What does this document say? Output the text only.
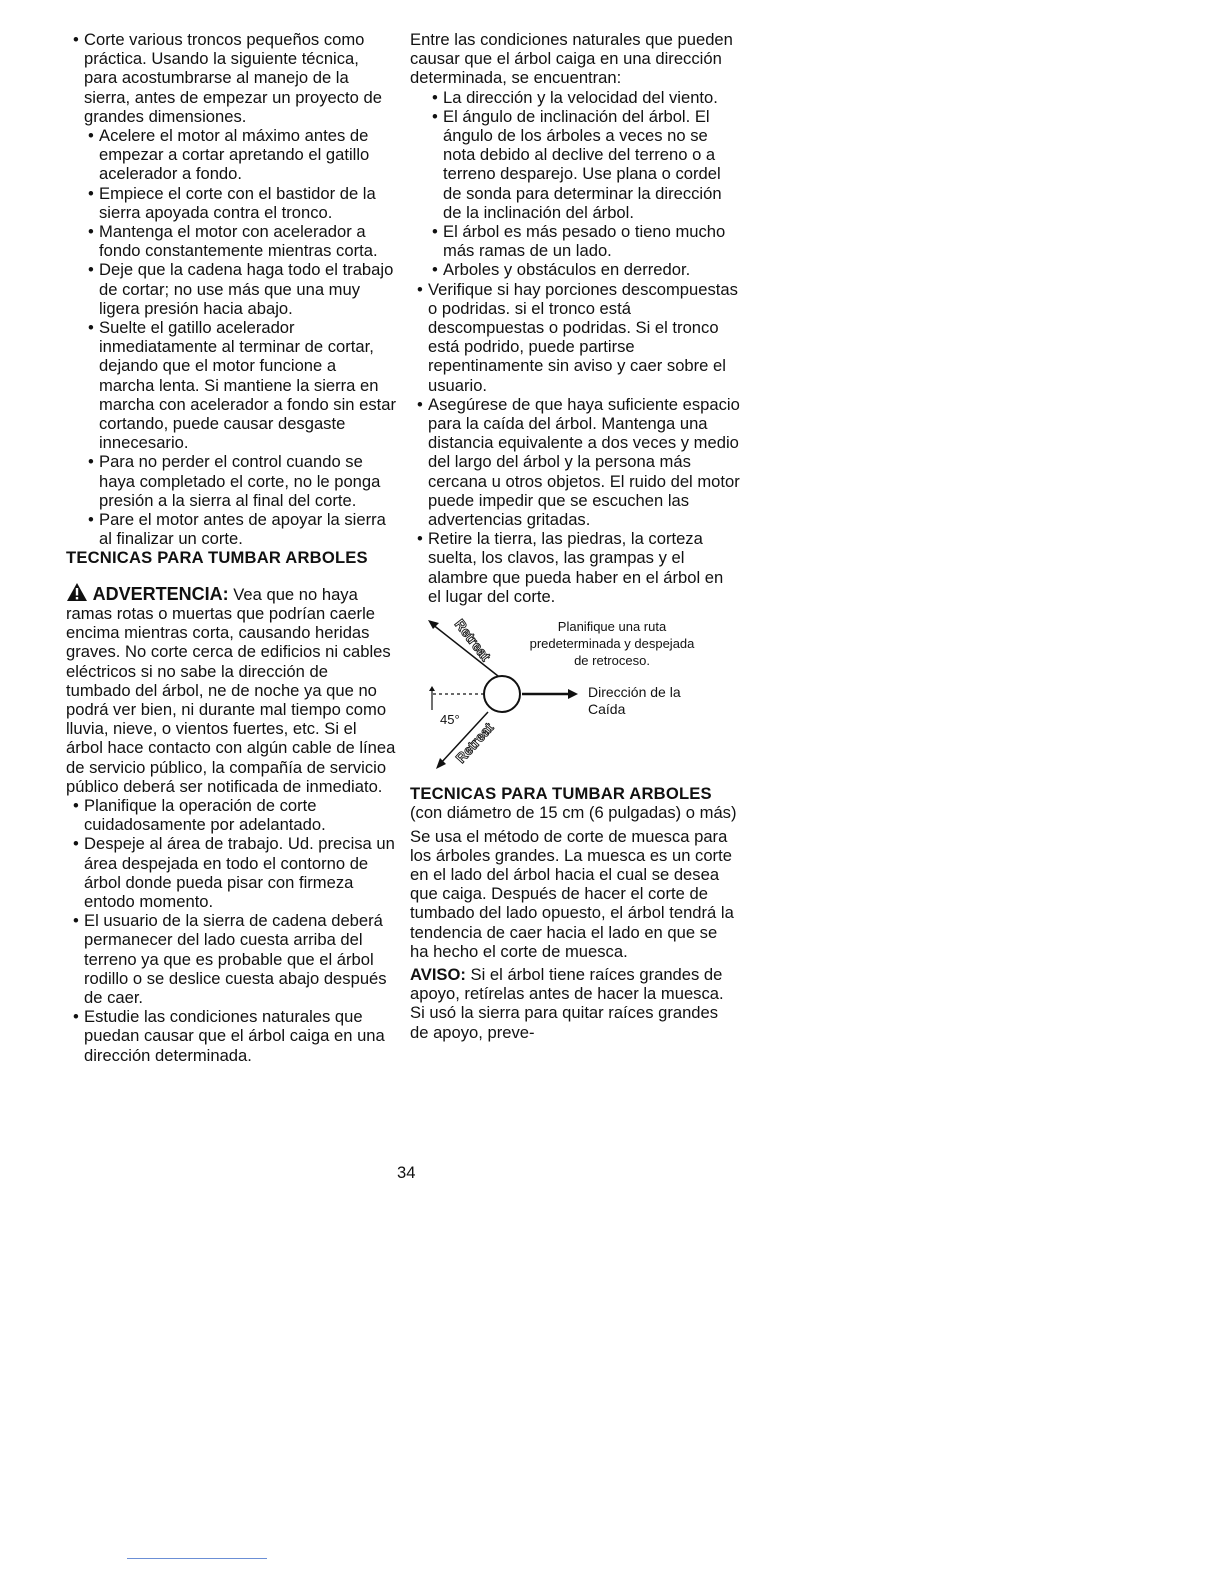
• Corte various troncos pequeños como práctica. Usando la siguiente técnica, para acostumbrarse al manejo de la sierra, antes de empezar un proyecto de grandes dimensiones.

• Acelere el motor al máximo antes de empezar a cortar apretando el gatillo acelerador a fondo.

• Empiece el corte con el bastidor de la sierra apoyada contra el tronco.

• Mantenga el motor con acelerador a fondo constantemente mientras corta.

• Deje que la cadena haga todo el trabajo de cortar; no use más que una muy ligera presión hacia abajo.

• Suelte el gatillo acelerador inmediatamente al terminar de cortar, dejando que el motor funcione a marcha lenta. Si mantiene la sierra en marcha con acelerador a fondo sin estar cortando, puede causar desgaste innecesario.

• Para no perder el control cuando se haya completado el corte, no le ponga presión a la sierra al final del corte.

• Pare el motor antes de apoyar la sierra al finalizar un corte.

TECNICAS PARA TUMBAR ARBOLES

ADVERTENCIA: Vea que no haya ramas rotas o muertas que podrían caerle encima mientras corta, causando heridas graves. No corte cerca de edificios ni cables eléctricos si no sabe la dirección de tumbado del árbol, ne de noche ya que no podrá ver bien, ni durante mal tiempo como lluvia, nieve, o vientos fuertes, etc. Si el árbol hace contacto con algún cable de línea de servicio público, la compañía de servicio público deberá ser notificada de inmediato.

• Planifique la operación de corte cuidadosamente por adelantado.

• Despeje al área de trabajo. Ud. precisa un área despejada en todo el contorno de árbol donde pueda pisar con firmeza entodo momento.

• El usuario de la sierra de cadena deberá permanecer del lado cuesta arriba del terreno ya que es probable que el árbol rodillo o se deslice cuesta abajo después de caer.

• Estudie las condiciones naturales que puedan causar que el árbol caiga en una dirección determinada.

Entre las condiciones naturales que pueden causar que el árbol caiga en una dirección determinada, se encuentran:

• La dirección y la velocidad del viento.

• El ángulo de inclinación del árbol. El ángulo de los árboles a veces no se nota debido al declive del terreno o a terreno desparejo. Use plana o cordel de sonda para determinar la dirección de la inclinación del árbol.

• El árbol es más pesado o tieno mucho más ramas de un lado.

• Arboles y obstáculos en derredor.

• Verifique si hay porciones descompuestas o podridas. si el tronco está descompuestas o podridas. Si el tronco está podrido, puede partirse repentinamente sin aviso y caer sobre el usuario.

• Asegúrese de que haya suficiente espacio para la caída del árbol. Mantenga una distancia equivalente a dos veces y medio del largo del árbol y la persona más cercana u otros objetos. El ruido del motor puede impedir que se escuchen las advertencias gritadas.

• Retire la tierra, las piedras, la corteza suelta, los clavos, las grampas y el alambre que pueda haber en el árbol en el lugar del corte.

Retreat
Retreat
45°
Planifique una ruta predeterminada y despejada de retroceso.
Dirección de la Caída

TECNICAS PARA TUMBAR ARBOLES

(con diámetro de 15 cm (6 pulgadas) o más)

Se usa el método de corte de muesca para los árboles grandes. La muesca es un corte en el lado del árbol hacia el cual se desea que caiga. Después de hacer el corte de tumbado del lado opuesto, el árbol tendrá la tendencia de caer hacia el lado en que se ha hecho el corte de muesca.

AVISO: Si el árbol tiene raíces grandes de apoyo, retírelas antes de hacer la muesca. Si usó la sierra para quitar raíces grandes de apoyo, preve-

34
